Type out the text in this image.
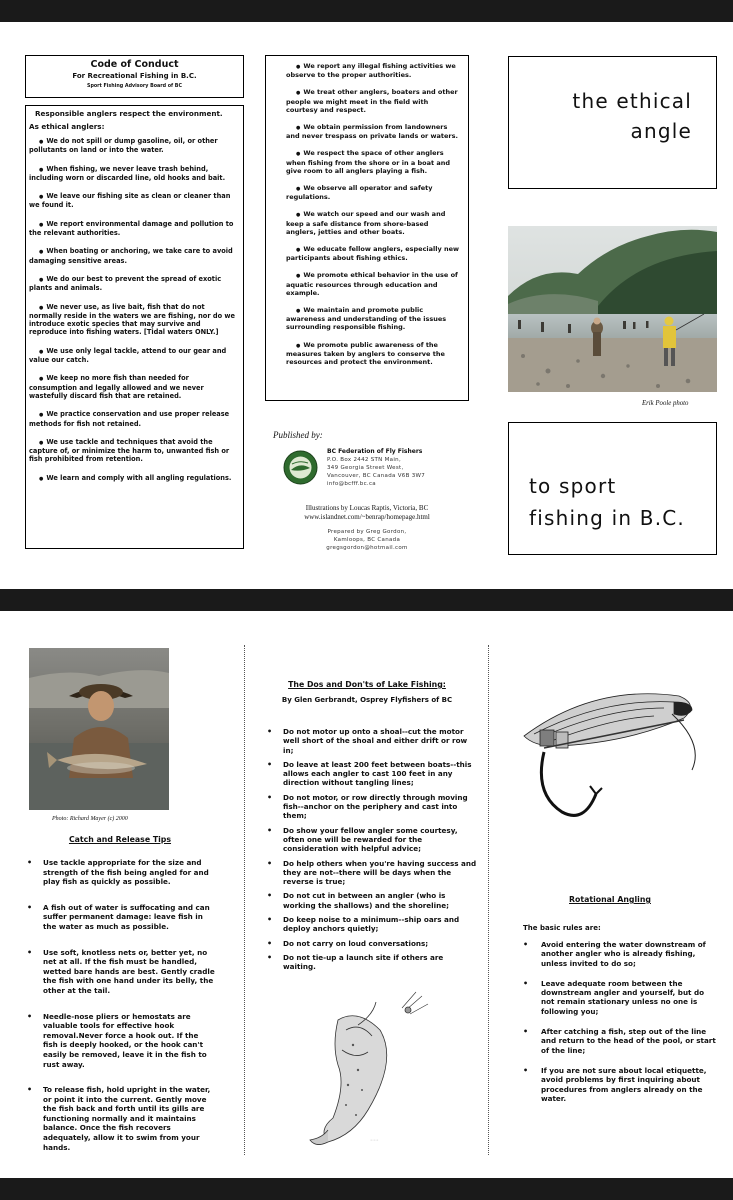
Code of Conduct
For Recreational Fishing in B.C.
Sport Fishing Advisory Board of BC
Responsible anglers respect the environment.
As ethical anglers:
● We do not spill or dump gasoline, oil, or other pollutants on land or into the water.
● When fishing, we never leave trash behind, including worn or discarded line, old hooks and bait.
● We leave our fishing site as clean or cleaner than we found it.
● We report environmental damage and pollution to the relevant authorities.
● When boating or anchoring, we take care to avoid damaging sensitive areas.
● We do our best to prevent the spread of exotic plants and animals.
● We never use, as live bait, fish that do not normally reside in the waters we are fishing, nor do we introduce exotic species that may survive and reproduce into fishing waters. [Tidal waters ONLY.]
● We use only legal tackle, attend to our gear and value our catch.
● We keep no more fish than needed for consumption and legally allowed and we never wastefully discard fish that are retained.
● We practice conservation and use proper release methods for fish not retained.
● We use tackle and techniques that avoid the capture of, or minimize the harm to, unwanted fish or fish prohibited from retention.
● We learn and comply with all angling regulations.
● We report any illegal fishing activities we observe to the proper authorities.
● We treat other anglers, boaters and other people we might meet in the field with courtesy and respect.
● We obtain permission from landowners and never trespass on private lands or waters.
● We respect the space of other anglers when fishing from the shore or in a boat and give room to all anglers playing a fish.
● We observe all operator and safety regulations.
● We watch our speed and our wash and keep a safe distance from shore-based anglers, jetties and other boats.
● We educate fellow anglers, especially new participants about fishing ethics.
● We promote ethical behavior in the use of aquatic resources through education and example.
● We maintain and promote public awareness and understanding of the issues surrounding responsible fishing.
● We promote public awareness of the measures taken by anglers to conserve the resources and protect the environment.
Published by:
BC Federation of Fly Fishers
P.O. Box 2442 STN Main,
349 Georgia Street West,
Vancouver, BC Canada V6B 3W7
info@bcfff.bc.ca
Illustrations by Loucas Raptis, Victoria, BC
www.islandnet.com/~benrap/homepage.html
Prepared by Greg Gordon,
Kamloops, BC Canada
gregsgordon@hotmail.com
the ethical
angle
Erik Poole photo
to sport
fishing in B.C.
Photo: Richard Mayer (c) 2000
Catch and Release Tips
• Use tackle appropriate for the size and strength of the fish being angled for and play fish as quickly as possible.
• A fish out of water is suffocating and can suffer permanent damage: leave fish in the water as much as possible.
• Use soft, knotless nets or, better yet, no net at all. If the fish must be handled, wetted bare hands are best. Gently cradle the fish with one hand under its belly, the other at the tail.
• Needle-nose pliers or hemostats are valuable tools for effective hook removal.Never force a hook out. If the fish is deeply hooked, or the hook can't easily be removed, leave it in the fish to rust away.
• To release fish, hold upright in the water, or point it into the current. Gently move the fish back and forth until its gills are functioning normally and it maintains balance. Once the fish recovers adequately, allow it to swim from your hands.
The Dos and Don'ts of Lake Fishing:
By Glen Gerbrandt, Osprey Flyfishers of BC
• Do not motor up onto a shoal--cut the motor well short of the shoal and either drift or row in;
• Do leave at least 200 feet between boats--this allows each angler to cast 100 feet in any direction without tangling lines;
• Do not motor, or row directly through moving fish--anchor on the periphery and cast into them;
• Do show your fellow angler some courtesy, often one will be rewarded for the consideration with helpful advice;
• Do help others when you're having success and they are not--there will be days when the reverse is true;
• Do not cut in between an angler (who is working the shallows) and the shoreline;
• Do keep noise to a minimum--ship oars and deploy anchors quietly;
• Do not carry on loud conversations;
• Do not tie-up a launch site if others are waiting.
◦◦◦
Rotational Angling
The basic rules are:
• Avoid entering the water downstream of another angler who is already fishing, unless invited to do so;
• Leave adequate room between the downstream angler and yourself, but do not remain stationary unless no one is following you;
• After catching a fish, step out of the line and return to the head of the pool, or start of the line;
• If you are not sure about local etiquette, avoid problems by first inquiring about procedures from anglers already on the water.
